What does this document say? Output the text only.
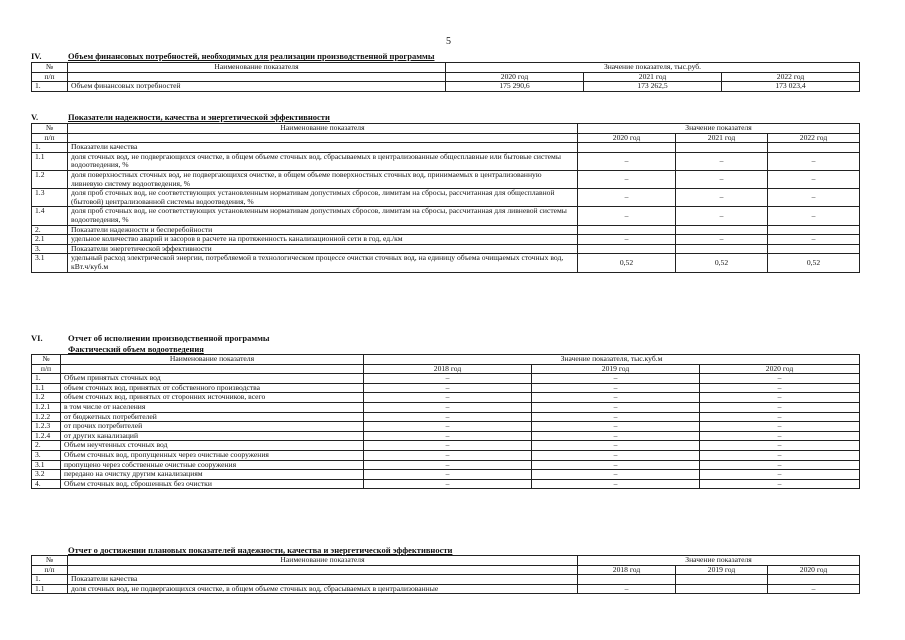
5
IV.	Объем финансовых потребностей, необходимых для реализации производственной программы
№	Наименование показателя	Значение показателя, тыс.руб.		
п/п		2020 год	2021 год	2022 год
1.	Объем финансовых потребностей	175 290,6	173 262,5	173 023,4
V.	Показатели надежности, качества и энергетической эффективности
№	Наименование показателя	Значение показателя		
п/п		2020 год	2021 год	2022 год
1.	Показатели качества			
1.1	доля сточных вод, не подвергающихся очистке, в общем объеме сточных вод, сбрасываемых в централизованные общесплавные или бытовые системы водоотведения, %	–	–	–
1.2	доля поверхностных сточных вод, не подвергающихся очистке, в общем объеме поверхностных сточных вод, принимаемых в централизованную ливневую систему водоотведения, %	–	–	–
1.3	доля проб сточных вод, не соответствующих установленным нормативам допустимых сбросов, лимитам на сбросы, рассчитанная для общесплавной (бытовой) централизованной системы водоотведения, %	–	–	–
1.4	доля проб сточных вод, не соответствующих установленным нормативам допустимых сбросов, лимитам на сбросы, рассчитанная для ливневой системы водоотведения, %	–	–	–
2.	Показатели надежности и бесперебойности			
2.1	удельное количество аварий и засоров в расчете на протяженность канализационной сети в год, ед./км	–	–	–
3.	Показатели энергетической эффективности			
3.1	удельный расход электрической энергии, потребляемой в технологическом процессе очистки сточных вод, на единицу объема очищаемых сточных вод, кВт.ч/куб.м	0,52	0,52	0,52
VI.	Отчет об исполнении производственной программы
Фактический объем водоотведения
№	Наименование показателя	Значение показателя, тыс.куб.м		
п/п		2018 год	2019 год	2020 год
1.	Объем принятых сточных вод	–	–	–
1.1	объем сточных вод, принятых от собственного производства	–	–	–
1.2	объем сточных вод, принятых от сторонних источников, всего	–	–	–
1.2.1	в том числе от населения	–	–	–
1.2.2	от бюджетных потребителей	–	–	–
1.2.3	от прочих потребителей	–	–	–
1.2.4	от других канализаций	–	–	–
2.	Объем неучтенных сточных вод	–	–	–
3.	Объем сточных вод, пропущенных через очистные сооружения	–	–	–
3.1	пропущено через собственные очистные сооружения	–	–	–
3.2	передано на очистку другим канализациям	–	–	–
4.	Объем сточных вод, сброшенных без очистки	–	–	–
Отчет о достижении плановых показателей надежности, качества и энергетической эффективности
№	Наименование показателя	Значение показателя		
п/п		2018 год	2019 год	2020 год
1.	Показатели качества			
1.1	доля сточных вод, не подвергающихся очистке, в общем объеме сточных вод, сбрасываемых в централизованные	–		–
